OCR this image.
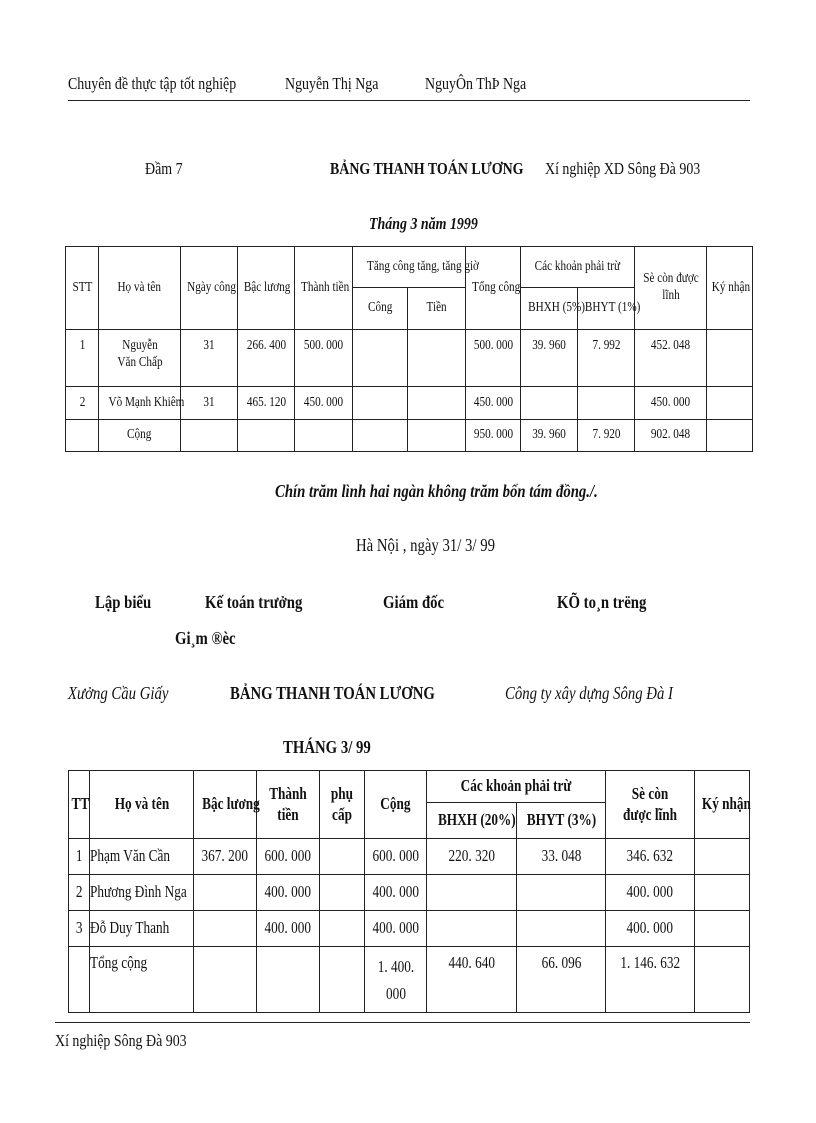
Chuyên đề thực tập tốt nghiệp	Nguyễn Thị Nga	NguyÔn ThÞ Nga
Đầm 7	BẢNG THANH TOÁN LƯƠNG Xí nghiệp XD Sông Đà 903
Tháng 3 năm 1999
STT	Họ và tên	Ngày công	Bậc lương	Thành tiền	Tăng công tăng, tăng giờ		Tổng công	Các khoản phải trừ		Sè còn được lĩnh	Ký nhận
					Công	Tiền		BHXH (5%)	BHYT (1%)		
1	Nguyễn Văn Chấp	31	266. 400	500. 000			500. 000	39. 960	7. 992	452. 048	
2	Võ Mạnh Khiêm	31	465. 120	450. 000			450. 000			450. 000	
	Cộng						950. 000	39. 960	7. 920	902. 048	
Chín trăm lình hai ngàn không trăm bốn tám đồng./.
Hà Nội , ngày 31/ 3/ 99
Lập biểu	Kế toán trưởng	Giám đốc	KÕ to¸n trëng
Gi¸m ®èc
Xưởng Cầu Giấy	BẢNG THANH TOÁN LƯƠNG	Công ty xây dựng Sông Đà I
THÁNG 3/ 99
TT	Họ và tên	Bậc lương	Thành tiền	phụ cấp	Cộng	Các khoản phải trừ		Sè còn được lĩnh	Ký nhận
						BHXH (20%)	BHYT (3%)		
1	Phạm Văn Cần	367. 200	600. 000		600. 000	220. 320	33. 048	346. 632	
2	Phương Đình Nga		400. 000		400. 000			400. 000	
3	Đỗ Duy Thanh		400. 000		400. 000			400. 000	
	Tổng cộng				1. 400. 000	440. 640	66. 096	1. 146. 632	
Xí nghiệp Sông Đà 903
